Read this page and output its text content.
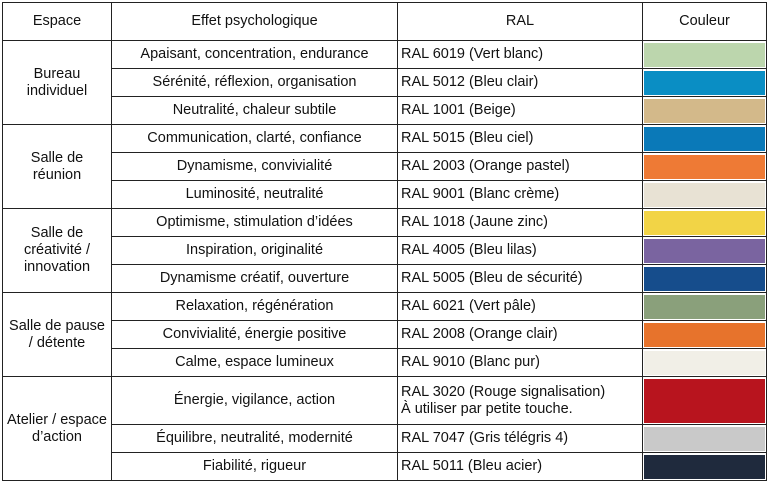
Espace	Effet psychologique	RAL	Couleur
Bureau individuel	Apaisant, concentration, endurance	RAL 6019 (Vert blanc)	

	Sérénité, réflexion, organisation	RAL 5012 (Bleu clair)	

	Neutralité, chaleur subtile	RAL 1001 (Beige)	

Salle de réunion	Communication, clarté, confiance	RAL 5015 (Bleu ciel)	

	Dynamisme, convivialité	RAL 2003 (Orange pastel)	

	Luminosité, neutralité	RAL 9001 (Blanc crème)	

Salle de créativité / innovation	Optimisme, stimulation d’idées	RAL 1018 (Jaune zinc)	

	Inspiration, originalité	RAL 4005 (Bleu lilas)	

	Dynamisme créatif, ouverture	RAL 5005 (Bleu de sécurité)	

Salle de pause / détente	Relaxation, régénération	RAL 6021 (Vert pâle)	

	Convivialité, énergie positive	RAL 2008 (Orange clair)	

	Calme, espace lumineux	RAL 9010 (Blanc pur)	

Atelier / espace d’action	Énergie, vigilance, action	RAL 3020 (Rouge signalisation)
À utiliser par petite touche.	

	Équilibre, neutralité, modernité	RAL 7047 (Gris télégris 4)	

	Fiabilité, rigueur	RAL 5011 (Bleu acier)	
